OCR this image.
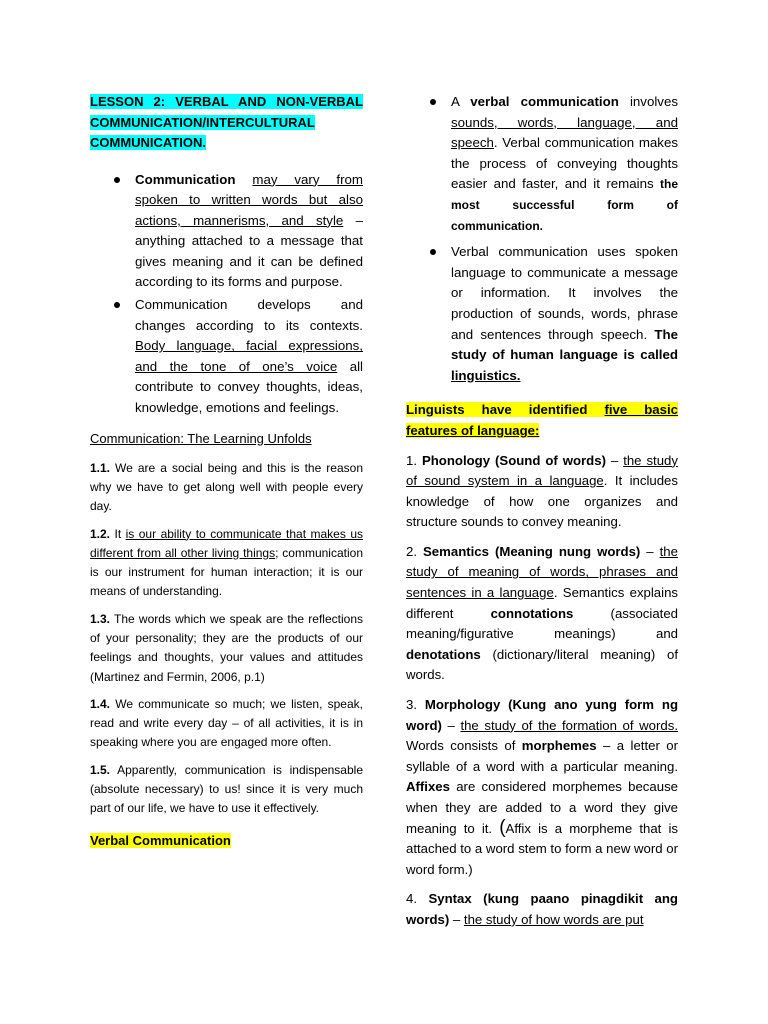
LESSON 2: VERBAL AND NON-VERBAL COMMUNICATION/INTERCULTURAL COMMUNICATION.
Communication may vary from spoken to written words but also actions, mannerisms, and style – anything attached to a message that gives meaning and it can be defined according to its forms and purpose.
Communication develops and changes according to its contexts. Body language, facial expressions, and the tone of one’s voice all contribute to convey thoughts, ideas, knowledge, emotions and feelings.
Communication: The Learning Unfolds

1.1. We are a social being and this is the reason why we have to get along well with people every day.

1.2. It is our ability to communicate that makes us different from all other living things; communication is our instrument for human interaction; it is our means of understanding.

1.3. The words which we speak are the reflections of your personality; they are the products of our feelings and thoughts, your values and attitudes (Martinez and Fermin, 2006, p.1)

1.4. We communicate so much; we listen, speak, read and write every day – of all activities, it is in speaking where you are engaged more often.

1.5. Apparently, communication is indispensable (absolute necessary) to us! since it is very much part of our life, we have to use it effectively.

Verbal Communication
A verbal communication involves sounds, words, language, and speech. Verbal communication makes the process of conveying thoughts easier and faster, and it remains the most successful form of communication.
Verbal communication uses spoken language to communicate a message or information. It involves the production of sounds, words, phrase and sentences through speech. The study of human language is called linguistics.
Linguists have identified five basic features of language:

1. Phonology (Sound of words) – the study of sound system in a language. It includes knowledge of how one organizes and structure sounds to convey meaning.

2. Semantics (Meaning nung words) – the study of meaning of words, phrases and sentences in a language. Semantics explains different connotations (associated meaning/figurative meanings) and denotations (dictionary/literal meaning) of words.

3. Morphology (Kung ano yung form ng word) – the study of the formation of words. Words consists of morphemes – a letter or syllable of a word with a particular meaning. Affixes are considered morphemes because when they are added to a word they give meaning to it. (Affix is a morpheme that is attached to a word stem to form a new word or word form.)

4. Syntax (kung paano pinagdikit ang words) – the study of how words are put
